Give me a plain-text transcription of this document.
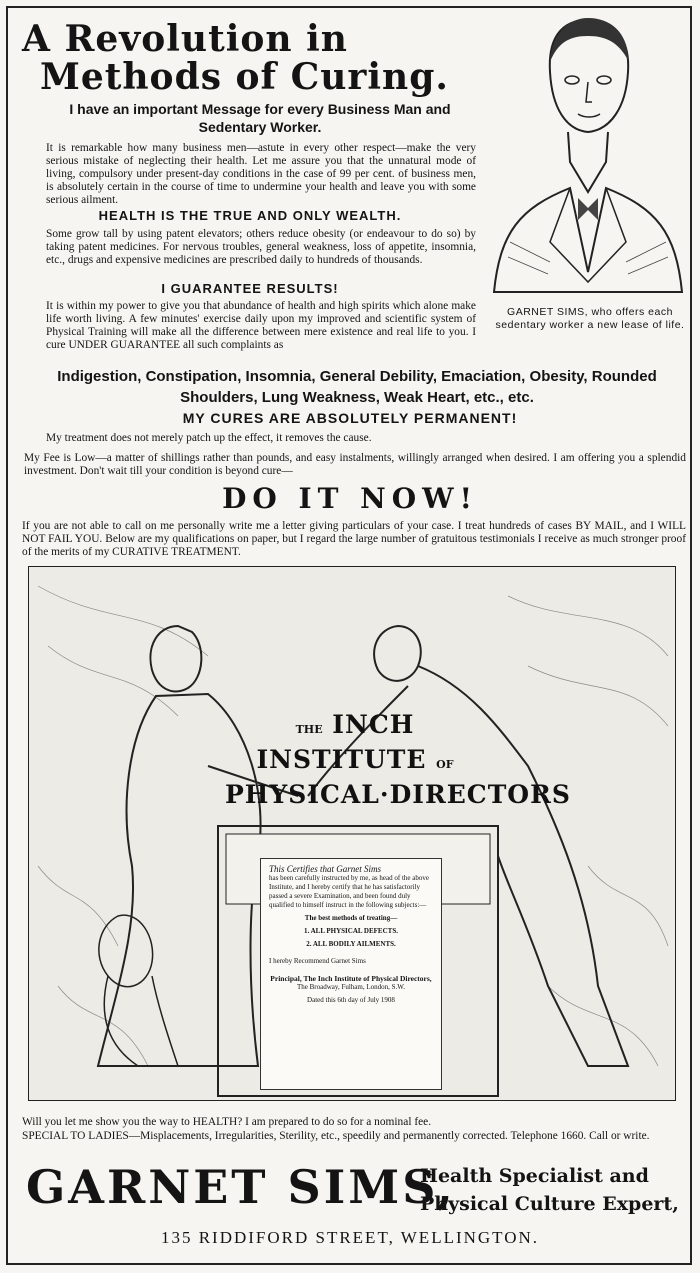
A Revolution in
Methods of Curing.
I have an important Message for every Business Man and Sedentary Worker.
It is remarkable how many business men—astute in every other respect—make the very serious mistake of neglecting their health. Let me assure you that the unnatural mode of living, compulsory under present-day conditions in the case of 99 per cent. of business men, is absolutely certain in the course of time to undermine your health and leave you with some serious ailment.
HEALTH IS THE TRUE AND ONLY WEALTH.
Some grow tall by using patent elevators; others reduce obesity (or endeavour to do so) by taking patent medicines. For nervous troubles, general weakness, loss of appetite, insomnia, etc., drugs and expensive medicines are prescribed daily to hundreds of thousands.
I GUARANTEE RESULTS!
It is within my power to give you that abundance of health and high spirits which alone make life worth living. A few minutes' exercise daily upon my improved and scientific system of Physical Training will make all the difference between mere existence and real life to you. I cure UNDER GUARANTEE all such complaints as
GARNET SIMS, who offers each sedentary worker a new lease of life.
Indigestion, Constipation, Insomnia, General Debility, Emaciation, Obesity, Rounded Shoulders, Lung Weakness, Weak Heart, etc., etc.
MY CURES ARE ABSOLUTELY PERMANENT!
My treatment does not merely patch up the effect, it removes the cause.
My Fee is Low—a matter of shillings rather than pounds, and easy instalments, willingly arranged when desired. I am offering you a splendid investment. Don't wait till your condition is beyond cure—
DO IT NOW!
If you are not able to call on me personally write me a letter giving particulars of your case. I treat hundreds of cases BY MAIL, and I WILL NOT FAIL YOU. Below are my qualifications on paper, but I regard the large number of gratuitous testimonials I receive as much stronger proof of the merits of my CURATIVE TREATMENT.
THE INCH INSTITUTE OF
PHYSICAL·DIRECTORS
This Certifies that Garnet Sims
has been carefully instructed by me, as head of the above Institute, and I hereby certify that he has satisfactorily passed a severe Examination, and been found duly qualified to himself instruct in the following subjects:—
The best methods of treating—
1. ALL PHYSICAL DEFECTS.
2. ALL BODILY AILMENTS.
I hereby Recommend Garnet Sims
Principal, The Inch Institute of Physical Directors,
The Broadway, Fulham, London, S.W.
Dated this 6th day of July 1908
Will you let me show you the way to HEALTH? I am prepared to do so for a nominal fee.
SPECIAL TO LADIES—Misplacements, Irregularities, Sterility, etc., speedily and permanently corrected. Telephone 1660. Call or write.
GARNET SIMS,
Health Specialist and
Physical Culture Expert,
135 RIDDIFORD STREET, WELLINGTON.
